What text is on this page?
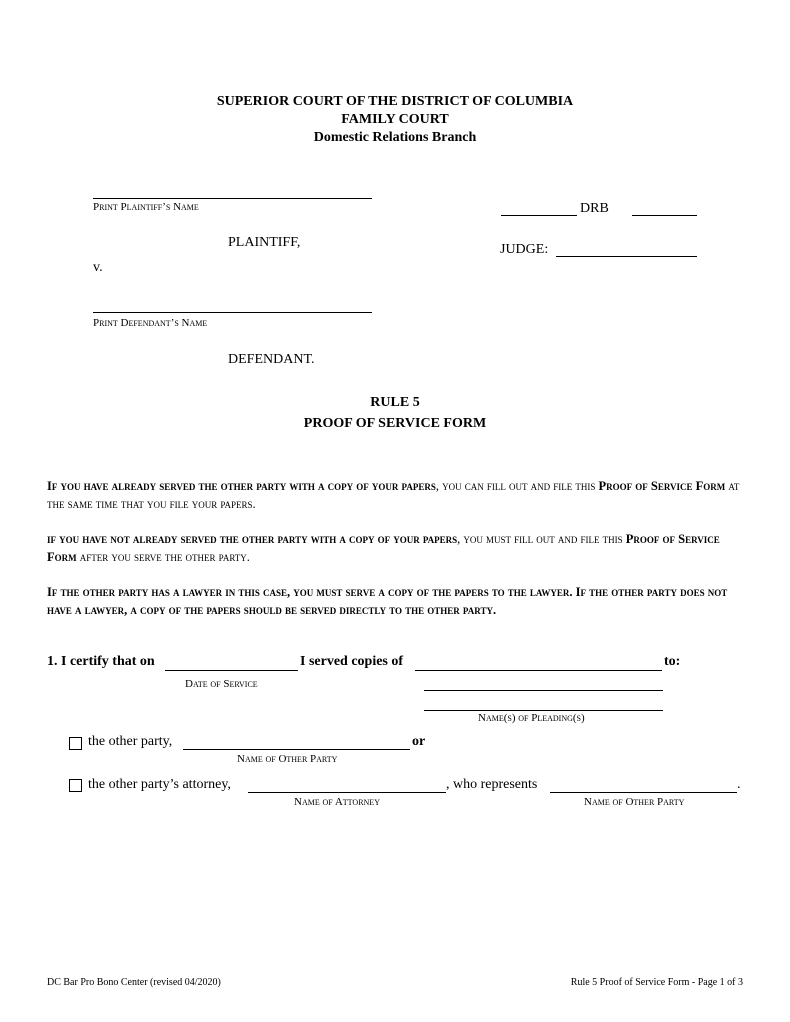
SUPERIOR COURT OF THE DISTRICT OF COLUMBIA
FAMILY COURT
Domestic Relations Branch
Print Plaintiff’s Name
PLAINTIFF,
v.
Print Defendant’s Name
DEFENDANT.
DRB
JUDGE:
RULE 5
PROOF OF SERVICE FORM
If you have already served the other party with a copy of your papers, you can fill out and file this Proof of Service Form at the same time that you file your papers.
if you have not already served the other party with a copy of your papers, you must fill out and file this Proof of Service Form after you serve the other party.
If the other party has a lawyer in this case, you must serve a copy of the papers to the lawyer. If the other party does not have a lawyer, a copy of the papers should be served directly to the other party.
1. I certify that on	I served copies of	to:
Date of Service
Name(s) of Pleading(s)
the other party,	or
Name of Other Party
the other party’s attorney,	, who represents	.
Name of Attorney	Name of Other Party
DC Bar Pro Bono Center (revised 04/2020)	Rule 5 Proof of Service Form - Page 1 of 3
